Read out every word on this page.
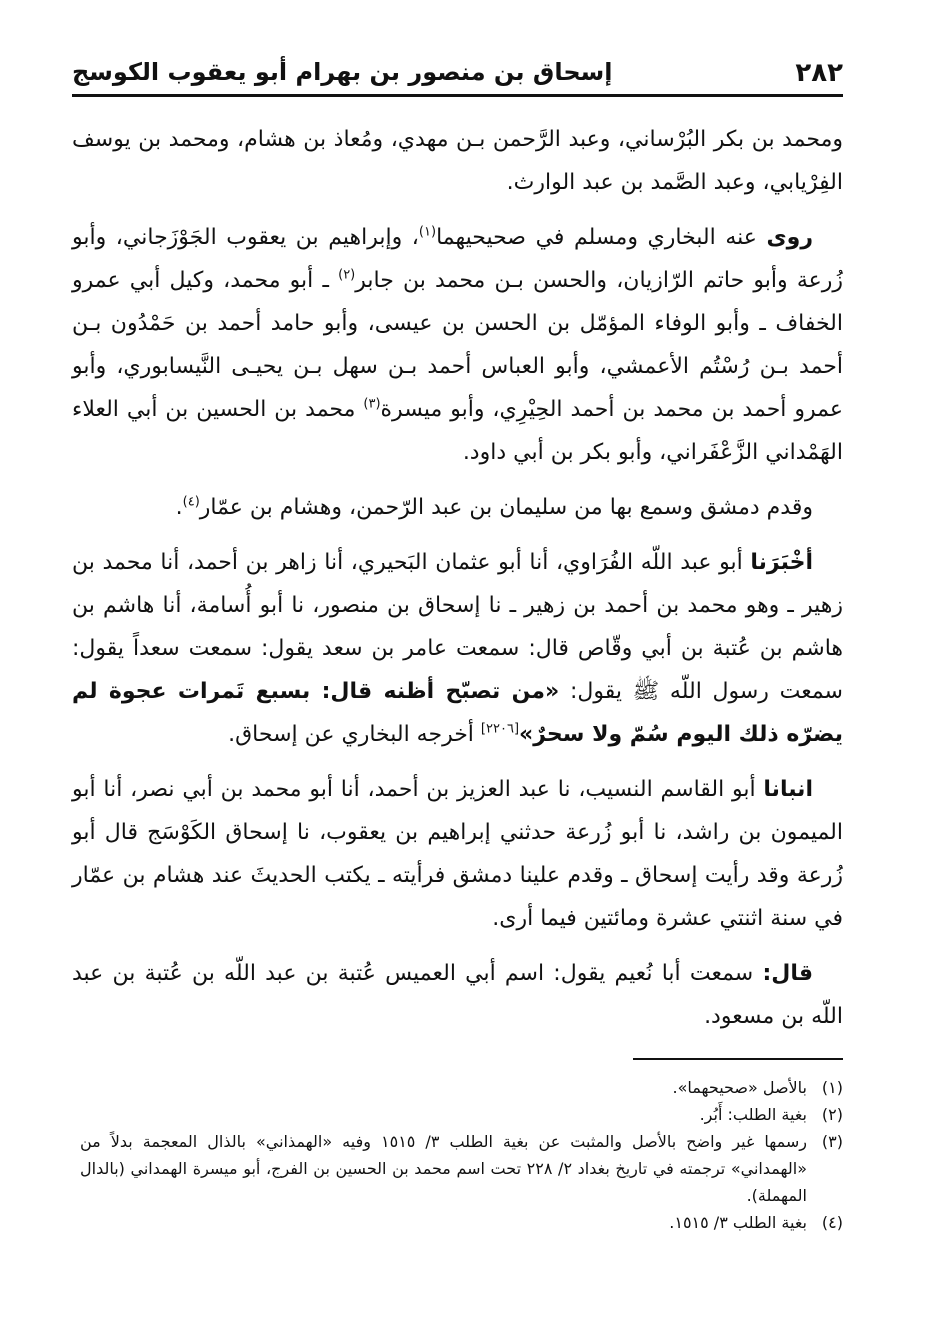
٢٨٢
إسحاق بن منصور بن بهرام أبو يعقوب الكوسج

ومحمد بن بكر البُرْساني، وعبد الرَّحمن بـن مهدي، ومُعاذ بن هشام، ومحمد بن يوسف الفِرْيابي، وعبد الصَّمد بن عبد الوارث.

روى عنه البخاري ومسلم في صحيحيهما$^{(١)}$، وإبراهيم بن يعقوب الجَوْزَجاني، وأبو زُرعة وأبو حاتم الرّازيان، والحسن بـن محمد بن جابر$^{(٢)}$ ـ أبو محمد، وكيل أبي عمرو الخفاف ـ وأبو الوفاء المؤمّل بن الحسن بن عيسى، وأبو حامد أحمد بن حَمْدُون بـن أحمد بـن رُسْتُم الأعمشي، وأبو العباس أحمد بـن سهل بـن يحيـى النَّيسابوري، وأبو عمرو أحمد بن محمد بن أحمد الحِيْرِي، وأبو ميسرة$^{(٣)}$ محمد بن الحسين بن أبي العلاء الهَمْداني الزَّعْفَراني، وأبو بكر بن أبي داود.

وقدم دمشق وسمع بها من سليمان بن عبد الرّحمن، وهشام بن عمّار$^{(٤)}$.

أخْبَرَنا أبو عبد اللّه الفُرَاوي، أنا أبو عثمان البَحيري، أنا زاهر بن أحمد، أنا محمد بن زهير ـ وهو محمد بن أحمد بن زهير ـ نا إسحاق بن منصور، نا أبو أُسامة، أنا هاشم بن هاشم بن عُتبة بن أبي وقّاص قال: سمعت عامر بن سعد يقول: سمعت سعداً يقول: سمعت رسول اللّه ﷺ يقول: «من تصبّح أظنه قال: بسبع تَمرات عجوة لم يضرّه ذلك اليوم سُمّ ولا سحرٌ»[٢٢٠٦] أخرجه البخاري عن إسحاق.

انبانا أبو القاسم النسيب، نا عبد العزيز بن أحمد، أنا أبو محمد بن أبي نصر، أنا أبو الميمون بن راشد، نا أبو زُرعة حدثني إبراهيم بن يعقوب، نا إسحاق الكَوْسَج قال أبو زُرعة وقد رأيت إسحاق ـ وقدم علينا دمشق فرأيته ـ يكتب الحديثَ عند هشام بن عمّار في سنة اثنتي عشرة ومائتين فيما أرى.

قال: سمعت أبا نُعيم يقول: اسم أبي العميس عُتبة بن عبد اللّه بن عُتبة بن عبد اللّه بن مسعود.

(١)
بالأصل «صحيحهما».

(٢)
بغية الطلب: أَبُر.

(٣)
رسمها غير واضح بالأصل والمثبت عن بغية الطلب ٣/ ١٥١٥ وفيه «الهمذاني» بالذال المعجمة بدلاً من «الهمداني» ترجمته في تاريخ بغداد ٢/ ٢٢٨ تحت اسم محمد بن الحسين بن الفرج، أبو ميسرة الهمداني (بالدال المهملة).

(٤)
بغية الطلب ٣/ ١٥١٥.
